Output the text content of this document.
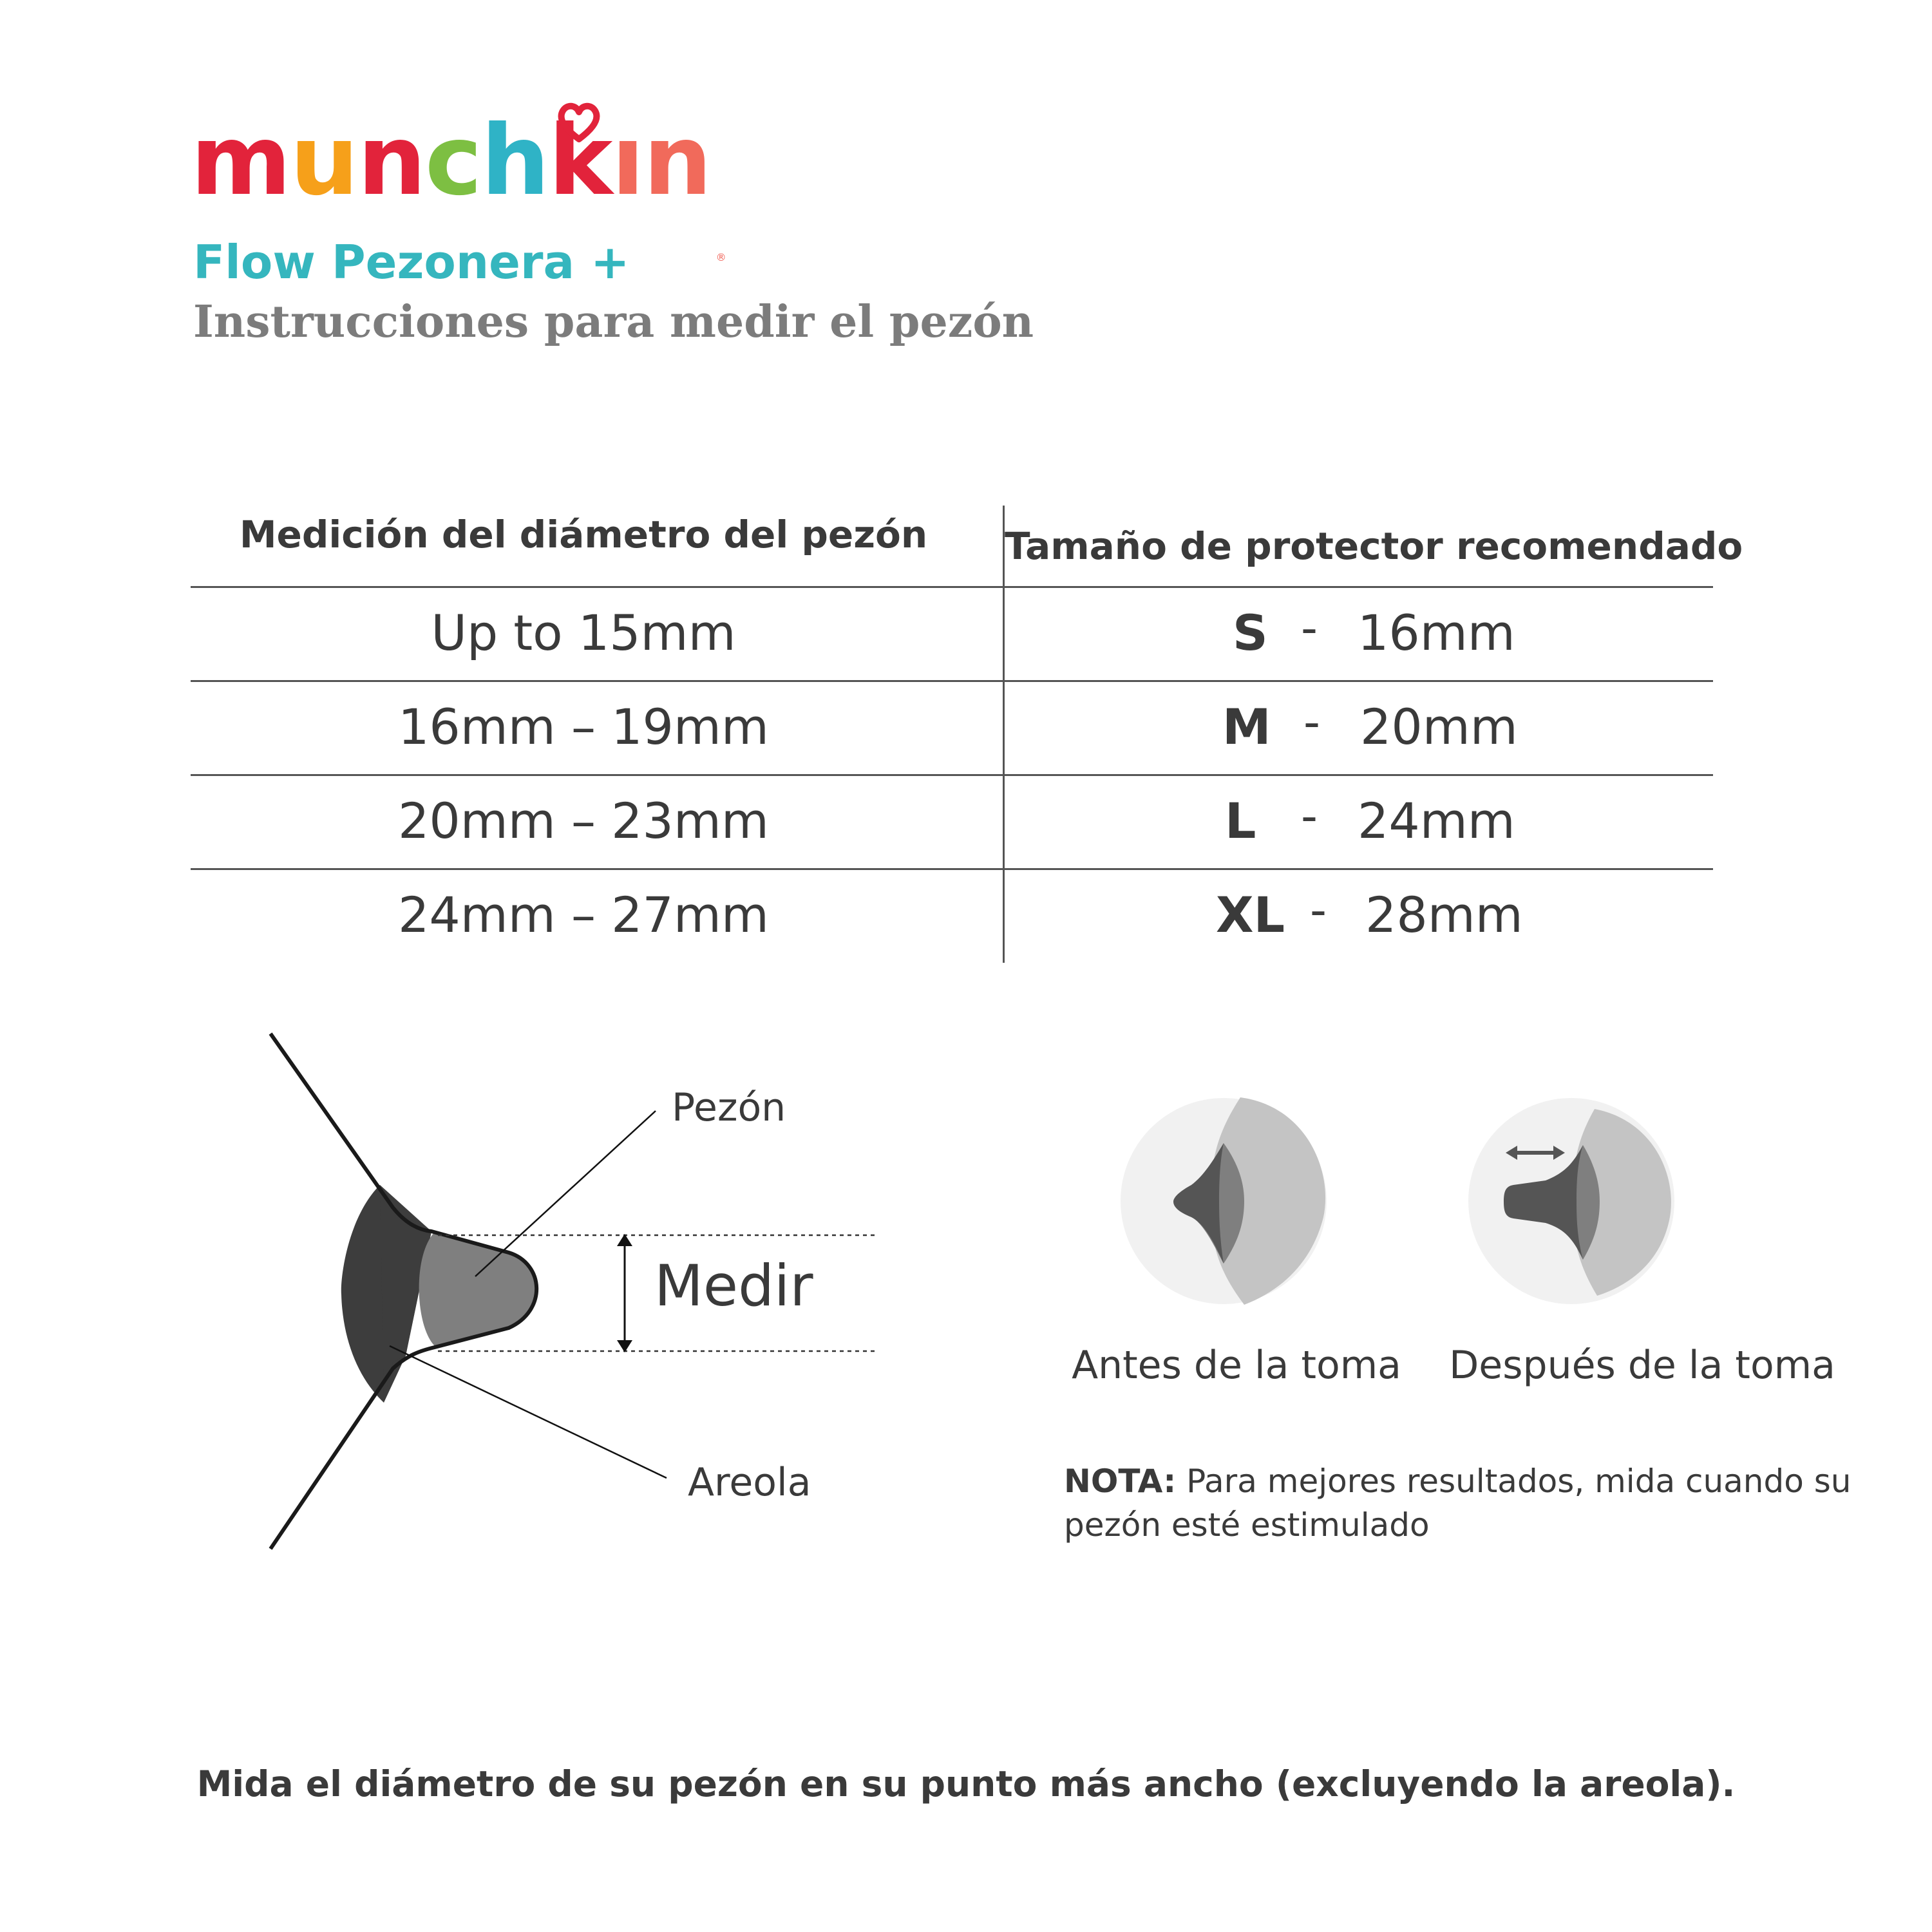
munchkın
®
Flow Pezonera +
Instrucciones para medir el pezón
Medición del diámetro del pezón	Tamaño de protector recomendado
Up to 15mm	S - 16mm
16mm – 19mm	M - 20mm
20mm – 23mm	L - 24mm
24mm – 27mm	XL - 28mm
Pezón
Areola
Medir
Antes de la toma	Después de la toma
NOTA: Para mejores resultados, mida cuando su pezón esté estimulado
Mida el diámetro de su pezón en su punto más ancho (excluyendo la areola).
